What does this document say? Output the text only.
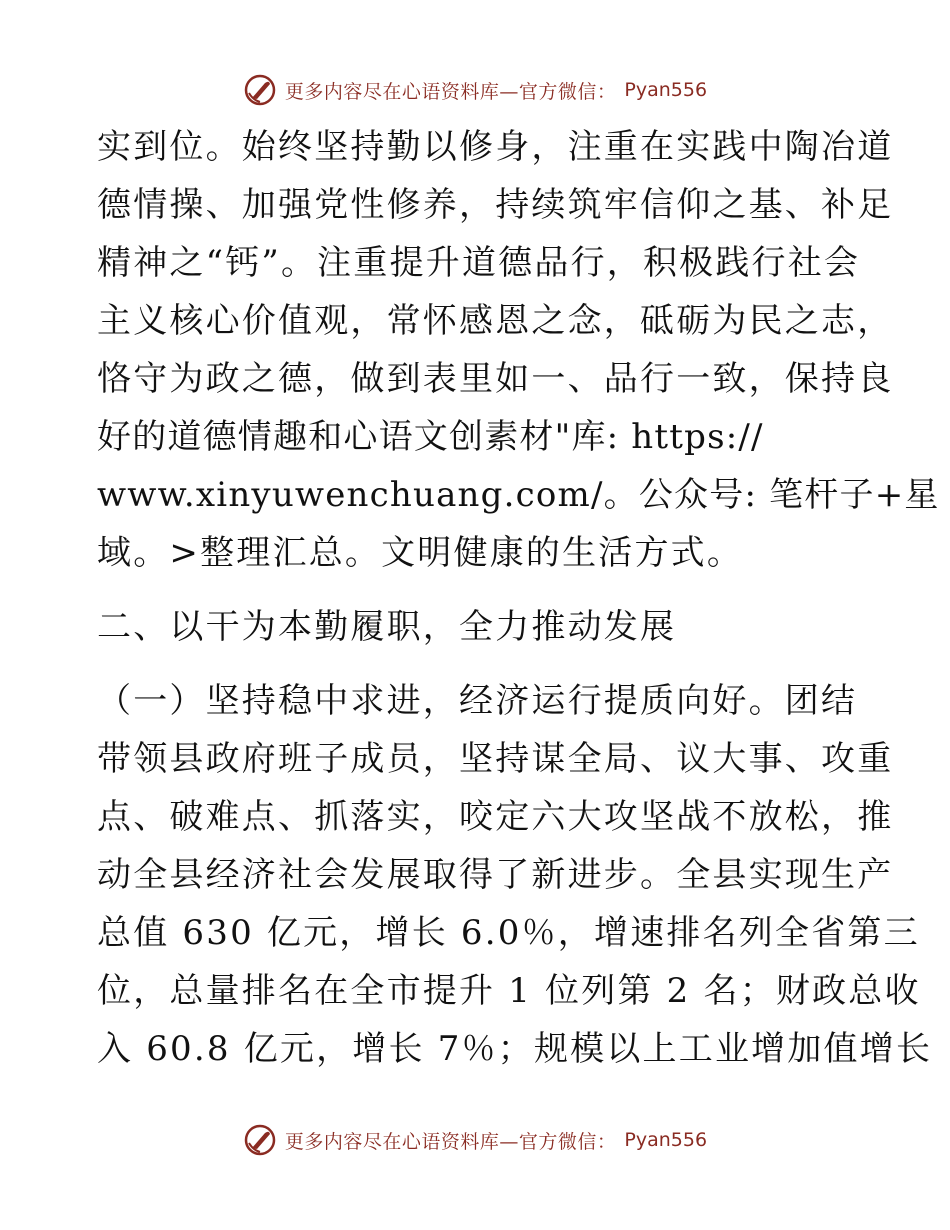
更多内容尽在心语资料库—官方微信： Pyan556
实到位。始终坚持勤以修身，注重在实践中陶冶道
德情操、加强党性修养，持续筑牢信仰之基、补足
精神之“钙”。注重提升道德品行，积极践行社会
主义核心价值观，常怀感恩之念，砥砺为民之志，
恪守为政之德，做到表里如一、品行一致，保持良
好的道德情趣和心语文创素材"库: https://
www.xinyuwenchuang.com/。公众号: 笔杆子+星
域。>整理汇总。文明健康的生活方式。
二、以干为本勤履职，全力推动发展
（一）坚持稳中求进，经济运行提质向好。团结
带领县政府班子成员，坚持谋全局、议大事、攻重
点、破难点、抓落实，咬定六大攻坚战不放松，推
动全县经济社会发展取得了新进步。全县实现生产
总值 630 亿元，增长 6.0％，增速排名列全省第三
位，总量排名在全市提升 1 位列第 2 名；财政总收
入 60.8 亿元，增长 7％；规模以上工业增加值增长
更多内容尽在心语资料库—官方微信： Pyan556
